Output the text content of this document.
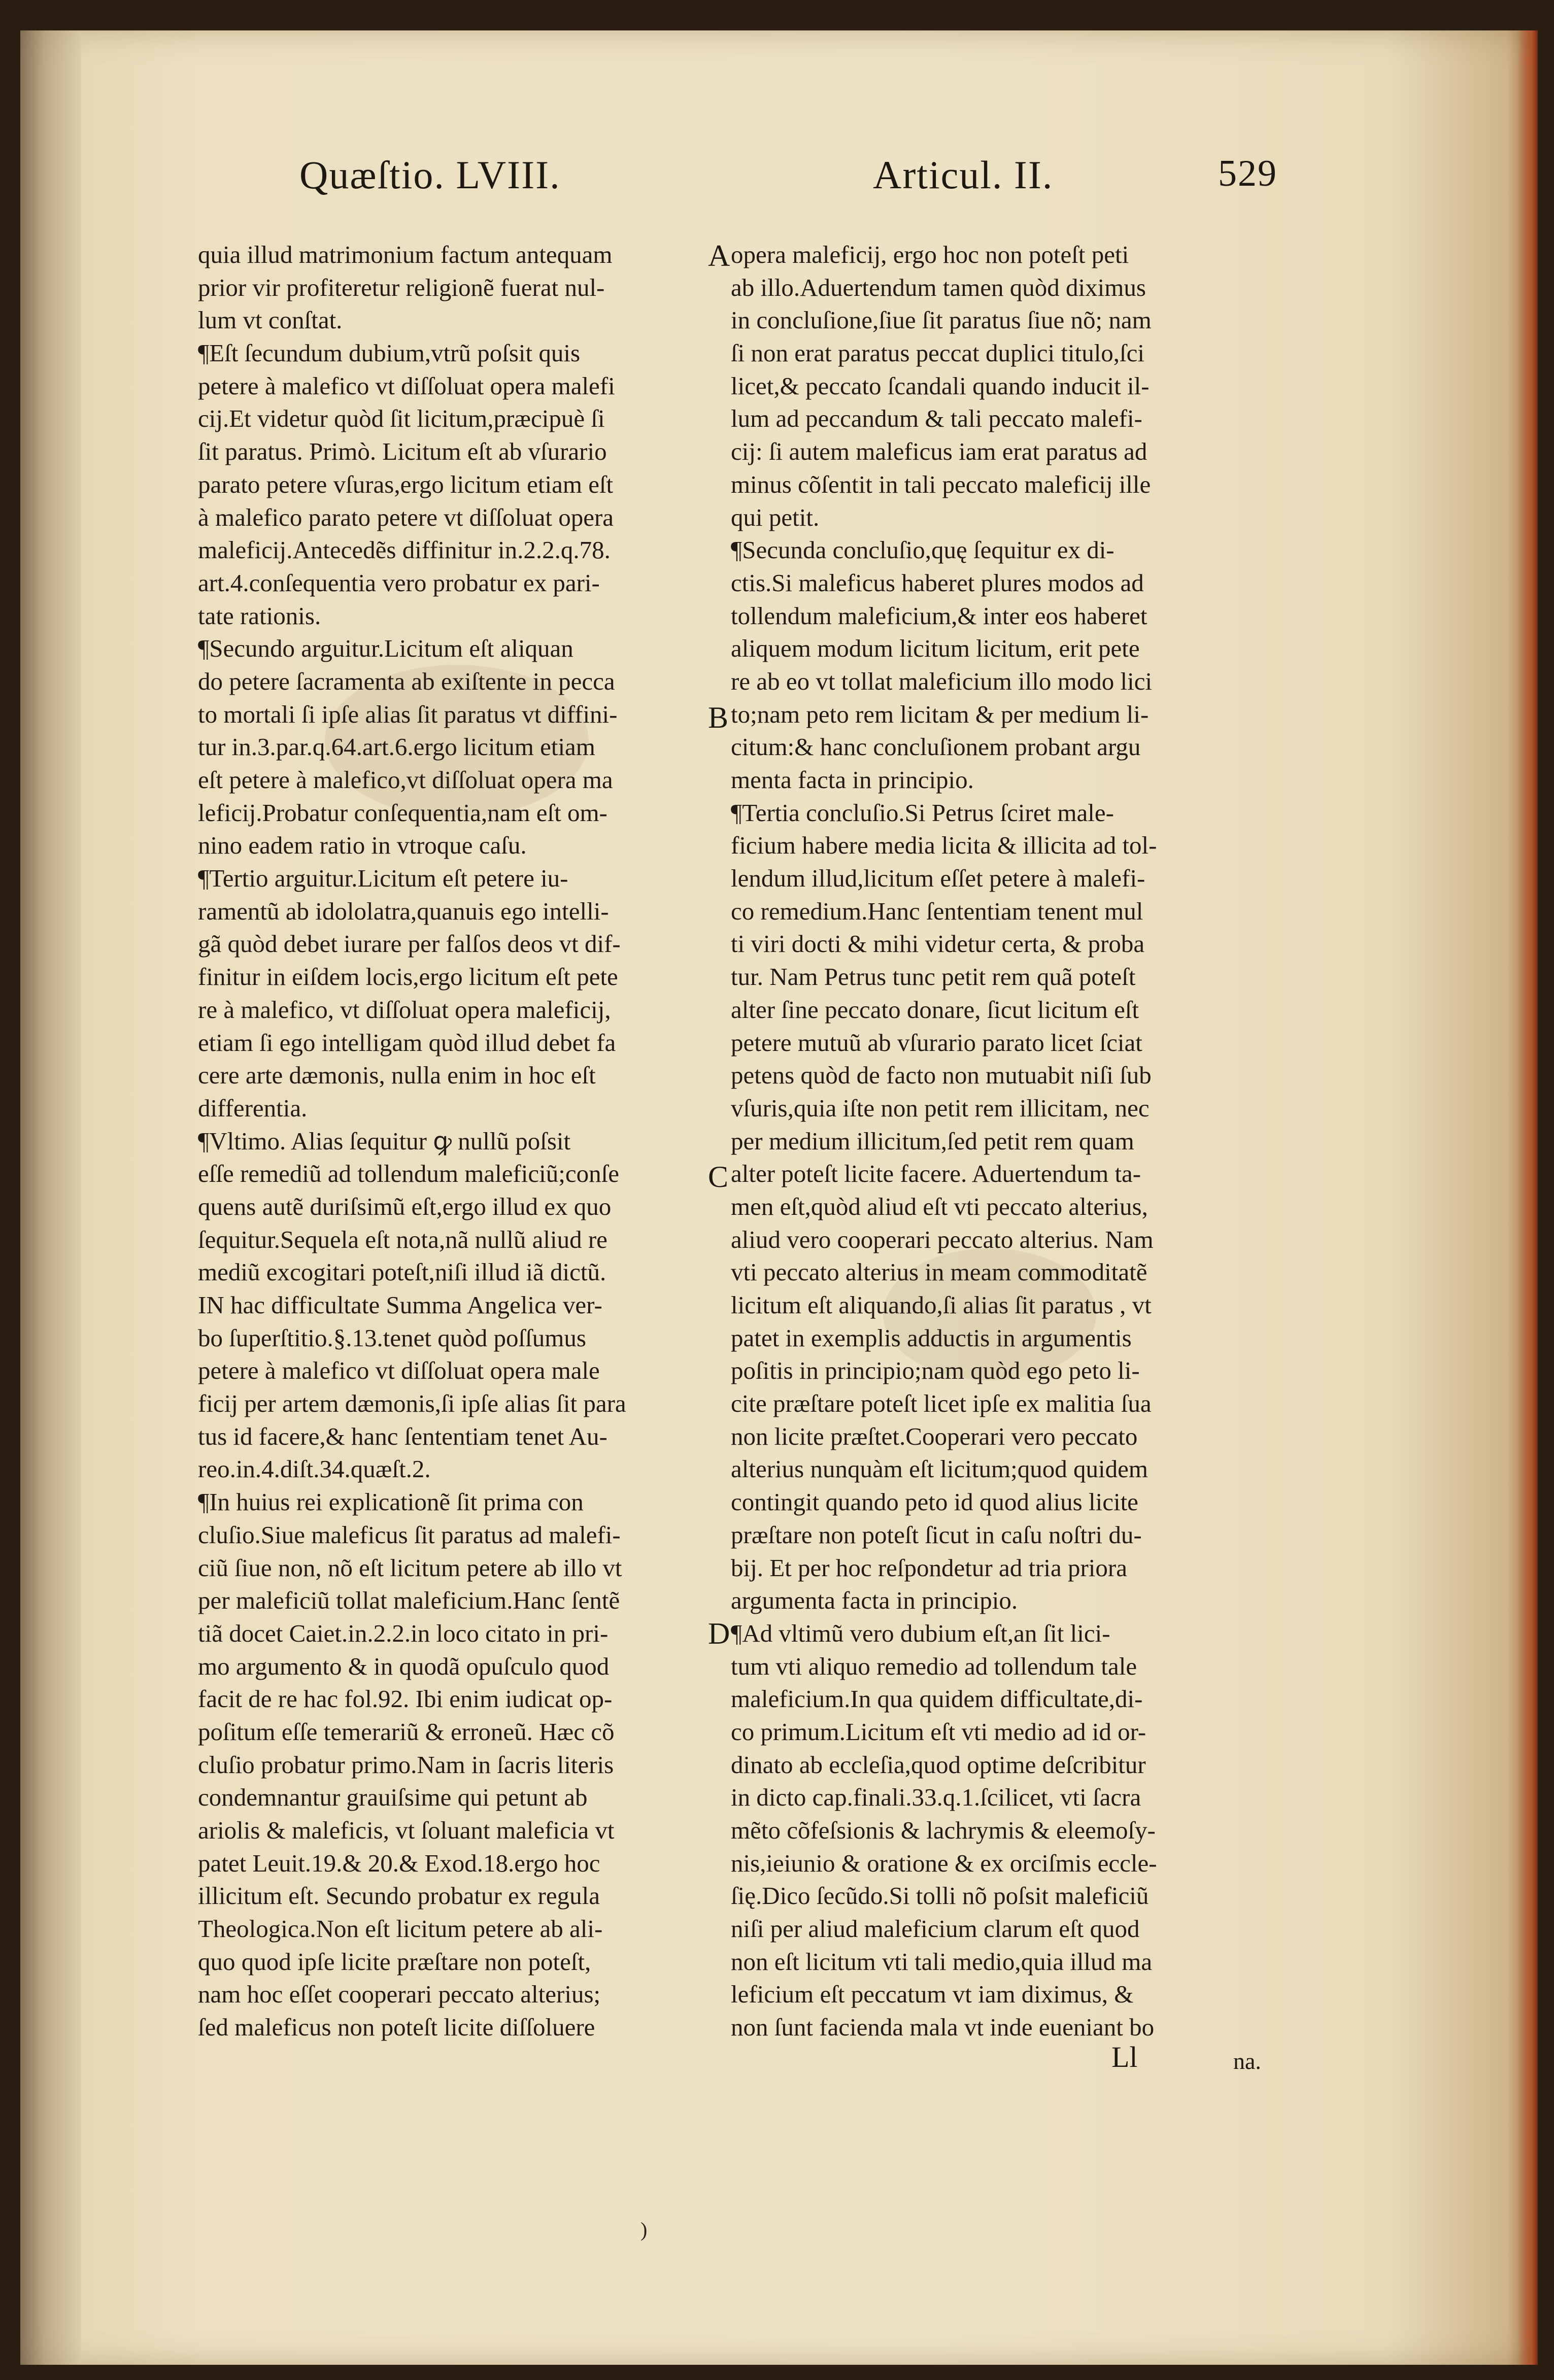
Quæſtio. LVIII.	Articul. II.	529
quia illud matrimonium factum antequam
prior vir profiteretur religionẽ fuerat nul-
lum vt conſtat.
¶Eſt ſecundum dubium,vtrũ poſsit quis
petere à malefico vt diſſoluat opera malefi
cij.Et videtur quòd ſit licitum,præcipuè ſi
ſit paratus. Primò. Licitum eſt ab vſurario
parato petere vſuras,ergo licitum etiam eſt
à malefico parato petere vt diſſoluat opera
maleficij.Antecedẽs diffinitur in.2.2.q.78.
art.4.conſequentia vero probatur ex pari-
tate rationis.
¶Secundo arguitur.Licitum eſt aliquan
do petere ſacramenta ab exiſtente in pecca
to mortali ſi ipſe alias ſit paratus vt diffini-
tur in.3.par.q.64.art.6.ergo licitum etiam
eſt petere à malefico,vt diſſoluat opera ma
leficij.Probatur conſequentia,nam eſt om-
nino eadem ratio in vtroque caſu.
¶Tertio arguitur.Licitum eſt petere iu-
ramentũ ab idololatra,quanuis ego intelli-
gã quòd debet iurare per falſos deos vt dif-
finitur in eiſdem locis,ergo licitum eſt pete
re à malefico, vt diſſoluat opera maleficij,
etiam ſi ego intelligam quòd illud debet fa
cere arte dæmonis, nulla enim in hoc eſt
differentia.
¶Vltimo. Alias ſequitur ꝙ nullũ poſsit
eſſe remediũ ad tollendum maleficiũ;conſe
quens autẽ duriſsimũ eſt,ergo illud ex quo
ſequitur.Sequela eſt nota,nã nullũ aliud re
mediũ excogitari poteſt,niſi illud iã dictũ.
IN hac difficultate Summa Angelica ver-
bo ſuperſtitio.§.13.tenet quòd poſſumus
petere à malefico vt diſſoluat opera male
ficij per artem dæmonis,ſi ipſe alias ſit para
tus id facere,& hanc ſententiam tenet Au-
reo.in.4.diſt.34.quæſt.2.
¶In huius rei explicationẽ ſit prima con
cluſio.Siue maleficus ſit paratus ad malefi-
ciũ ſiue non, nõ eſt licitum petere ab illo vt
per maleficiũ tollat maleficium.Hanc ſentẽ
tiã docet Caiet.in.2.2.in loco citato in pri-
mo argumento & in quodã opuſculo quod
facit de re hac fol.92. Ibi enim iudicat op-
poſitum eſſe temerariũ & erroneũ. Hæc cõ
cluſio probatur primo.Nam in ſacris literis
condemnantur grauiſsime qui petunt ab
ariolis & maleficis, vt ſoluant maleficia vt
patet Leuit.19.& 20.& Exod.18.ergo hoc
illicitum eſt. Secundo probatur ex regula
Theologica.Non eſt licitum petere ab ali-
quo quod ipſe licite præſtare non poteſt,
nam hoc eſſet cooperari peccato alterius;
ſed maleficus non poteſt licite diſſoluere
opera maleficij, ergo hoc non poteſt peti
ab illo.Aduertendum tamen quòd diximus
in concluſione,ſiue ſit paratus ſiue nõ; nam
ſi non erat paratus peccat duplici titulo,ſci
licet,& peccato ſcandali quando inducit il-
lum ad peccandum & tali peccato malefi-
cij: ſi autem maleficus iam erat paratus ad
minus cõſentit in tali peccato maleficij ille
qui petit.
¶Secunda concluſio,quę ſequitur ex di-
ctis.Si maleficus haberet plures modos ad
tollendum maleficium,& inter eos haberet
aliquem modum licitum licitum, erit pete
re ab eo vt tollat maleficium illo modo lici
to;nam peto rem licitam & per medium li-
citum:& hanc concluſionem probant argu
menta facta in principio.
¶Tertia concluſio.Si Petrus ſciret male-
ficium habere media licita & illicita ad tol-
lendum illud,licitum eſſet petere à malefi-
co remedium.Hanc ſententiam tenent mul
ti viri docti & mihi videtur certa, & proba
tur. Nam Petrus tunc petit rem quã poteſt
alter ſine peccato donare, ſicut licitum eſt
petere mutuũ ab vſurario parato licet ſciat
petens quòd de facto non mutuabit niſi ſub
vſuris,quia iſte non petit rem illicitam, nec
per medium illicitum,ſed petit rem quam
alter poteſt licite facere. Aduertendum ta-
men eſt,quòd aliud eſt vti peccato alterius,
aliud vero cooperari peccato alterius. Nam
vti peccato alterius in meam commoditatẽ
licitum eſt aliquando,ſi alias ſit paratus , vt
patet in exemplis adductis in argumentis
poſitis in principio;nam quòd ego peto li-
cite præſtare poteſt licet ipſe ex malitia ſua
non licite præſtet.Cooperari vero peccato
alterius nunquàm eſt licitum;quod quidem
contingit quando peto id quod alius licite
præſtare non poteſt ſicut in caſu noſtri du-
bij. Et per hoc reſpondetur ad tria priora
argumenta facta in principio.
¶Ad vltimũ vero dubium eſt,an ſit lici-
tum vti aliquo remedio ad tollendum tale
maleficium.In qua quidem difficultate,di-
co primum.Licitum eſt vti medio ad id or-
dinato ab eccleſia,quod optime deſcribitur
in dicto cap.finali.33.q.1.ſcilicet, vti ſacra
mẽto cõfeſsionis & lachrymis & eleemoſy-
nis,ieiunio & oratione & ex orciſmis eccle-
ſię.Dico ſecũdo.Si tolli nõ poſsit maleficiũ
niſi per aliud maleficium clarum eſt quod
non eſt licitum vti tali medio,quia illud ma
leficium eſt peccatum vt iam diximus, &
non ſunt facienda mala vt inde eueniant bo
A
B
C
D
Ll	na.
)
